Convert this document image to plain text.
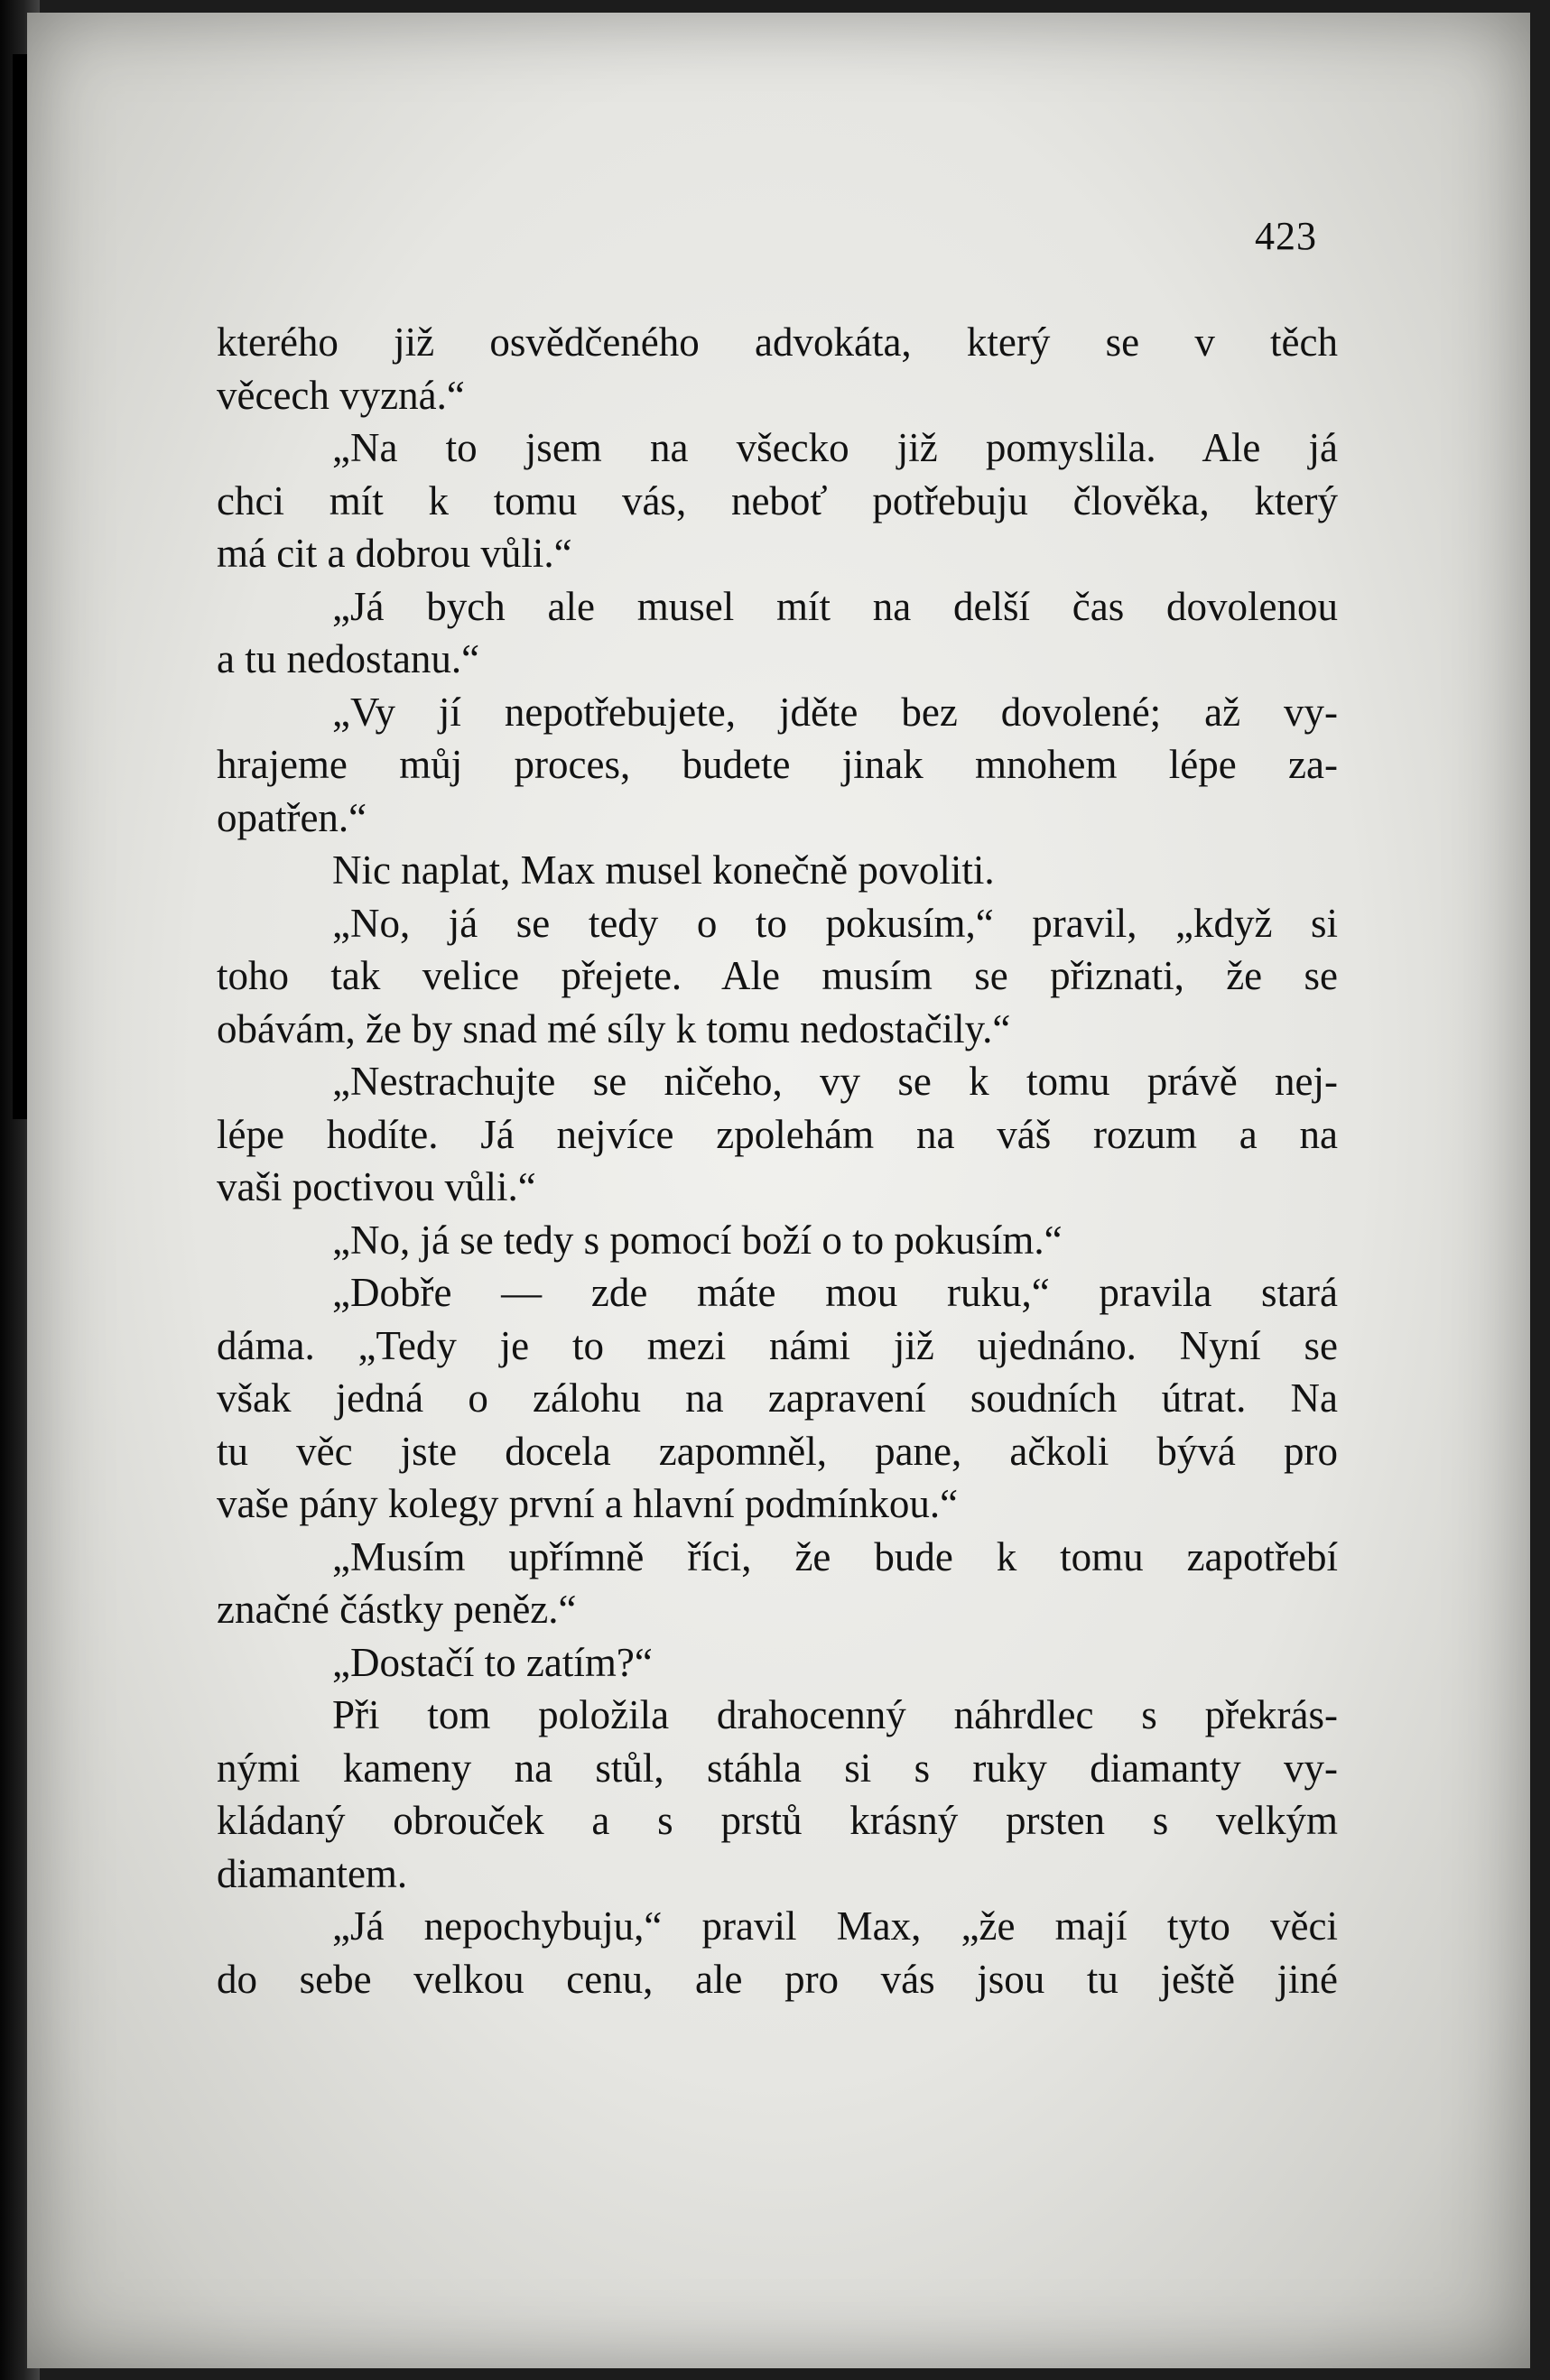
423

kterého již osvědčeného advokáta, který se v těch

věcech vyzná.“

„Na to jsem na všecko již pomyslila. Ale já

chci mít k tomu vás, neboť potřebuju člověka, který

má cit a dobrou vůli.“

„Já bych ale musel mít na delší čas dovolenou

a tu nedostanu.“

„Vy jí nepotřebujete, jděte bez dovolené; až vy-

hrajeme můj proces, budete jinak mnohem lépe za-

opatřen.“

Nic naplat, Max musel konečně povoliti.

„No, já se tedy o to pokusím,“ pravil, „když si

toho tak velice přejete. Ale musím se přiznati, že se

obávám, že by snad mé síly k tomu nedostačily.“

„Nestrachujte se ničeho, vy se k tomu právě nej-

lépe hodíte. Já nejvíce zpolehám na váš rozum a na

vaši poctivou vůli.“

„No, já se tedy s pomocí boží o to pokusím.“

„Dobře — zde máte mou ruku,“ pravila stará

dáma. „Tedy je to mezi námi již ujednáno. Nyní se

však jedná o zálohu na zapravení soudních útrat. Na

tu věc jste docela zapomněl, pane, ačkoli bývá pro

vaše pány kolegy první a hlavní podmínkou.“

„Musím upřímně říci, že bude k tomu zapotřebí

značné částky peněz.“

„Dostačí to zatím?“

Při tom položila drahocenný náhrdlec s překrás-

nými kameny na stůl, stáhla si s ruky diamanty vy-

kládaný obrouček a s prstů krásný prsten s velkým

diamantem.

„Já nepochybuju,“ pravil Max, „že mají tyto věci

do sebe velkou cenu, ale pro vás jsou tu ještě jiné
